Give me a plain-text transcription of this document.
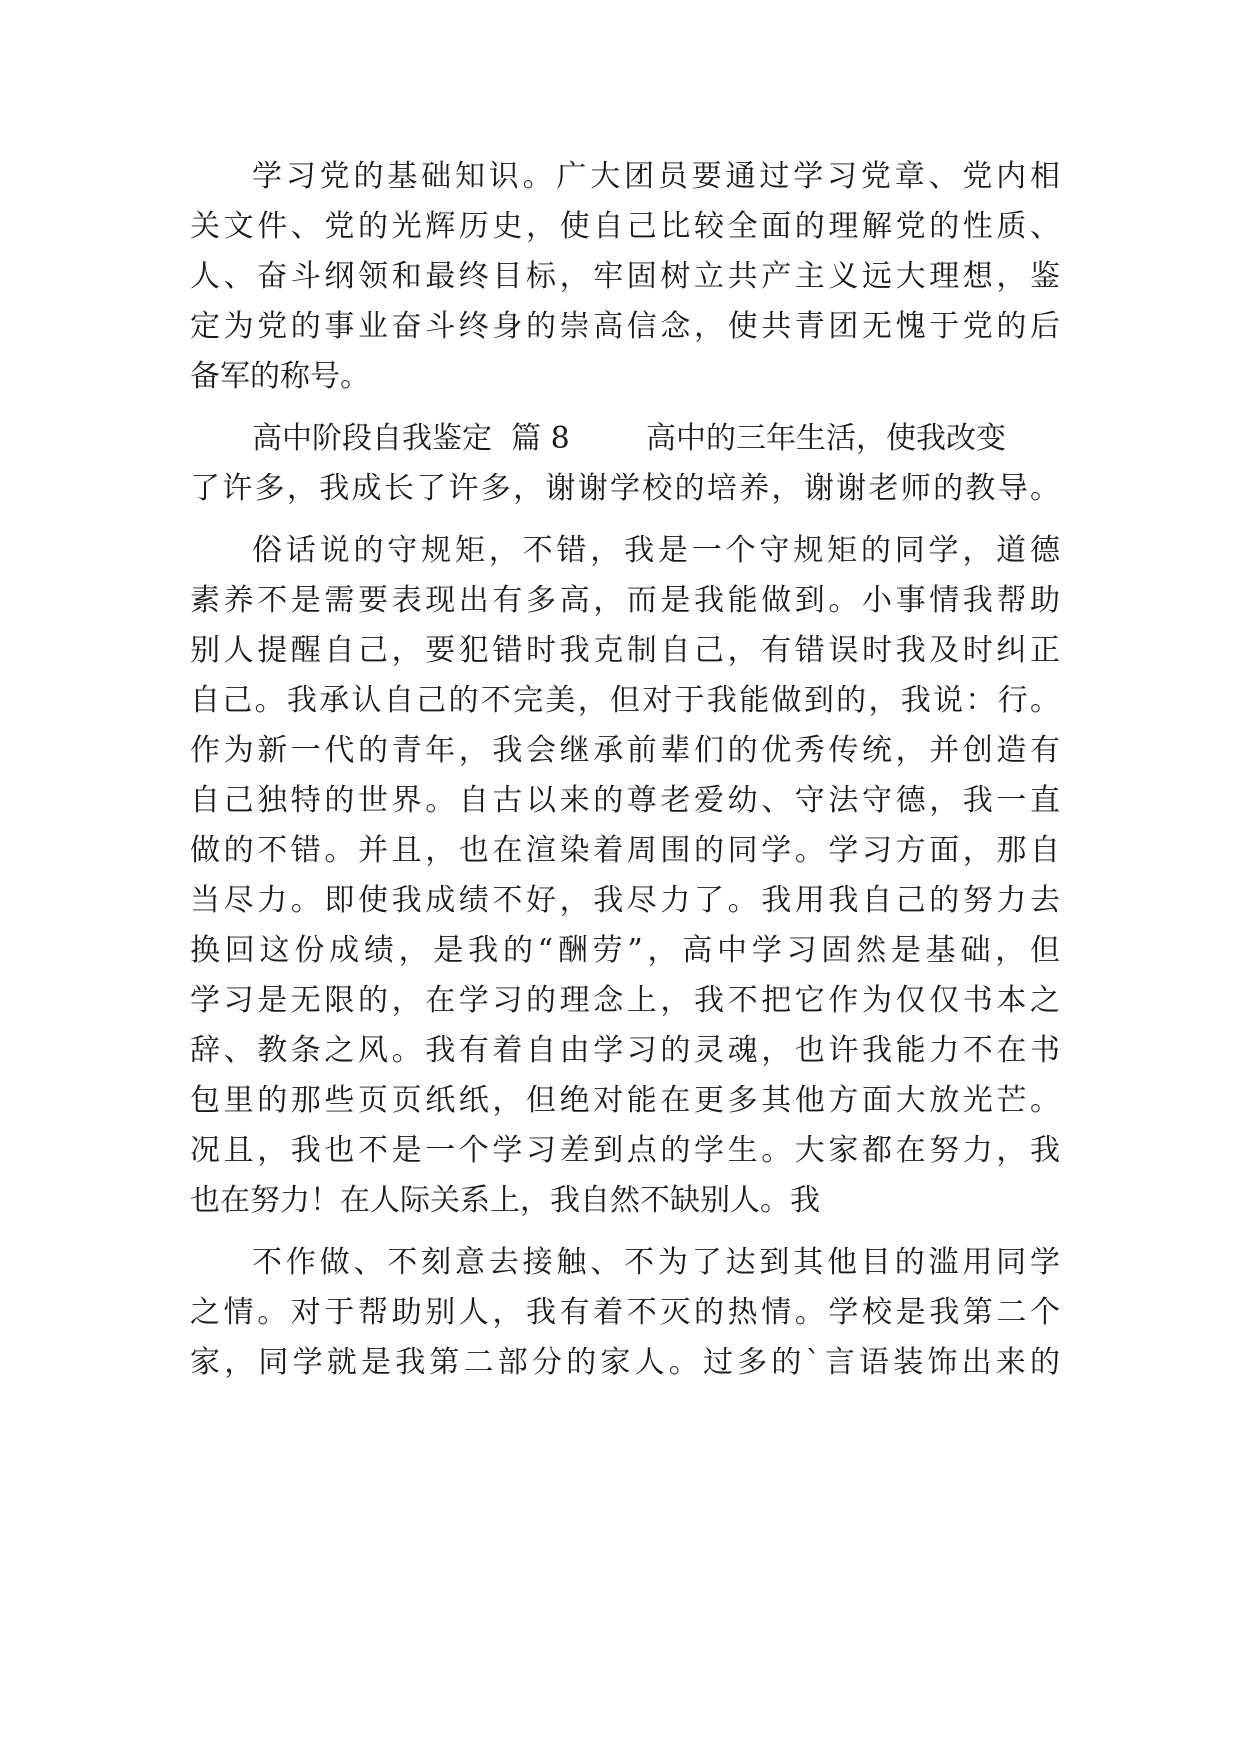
学习党的基础知识。广大团员要通过学习党章、党内相
关文件、党的光辉历史，使自己比较全面的理解党的性质、
人、奋斗纲领和最终目标，牢固树立共产主义远大理想，鉴
定为党的事业奋斗终身的崇高信念，使共青团无愧于党的后
备军的称号。
高中阶段自我鉴定  篇 8        高中的三年生活，使我改变
了许多，我成长了许多，谢谢学校的培养，谢谢老师的教导。
俗话说的守规矩，不错，我是一个守规矩的同学，道德
素养不是需要表现出有多高，而是我能做到。小事情我帮助
别人提醒自己，要犯错时我克制自己，有错误时我及时纠正
自己。我承认自己的不完美，但对于我能做到的，我说：行。
作为新一代的青年，我会继承前辈们的优秀传统，并创造有
自己独特的世界。自古以来的尊老爱幼、守法守德，我一直
做的不错。并且，也在渲染着周围的同学。学习方面，那自
当尽力。即使我成绩不好，我尽力了。我用我自己的努力去
换回这份成绩，是我的“酬劳”，高中学习固然是基础，但
学习是无限的，在学习的理念上，我不把它作为仅仅书本之
辞、教条之风。我有着自由学习的灵魂，也许我能力不在书
包里的那些页页纸纸，但绝对能在更多其他方面大放光芒。
况且，我也不是一个学习差到点的学生。大家都在努力，我
也在努力！在人际关系上，我自然不缺别人。我
不作做、不刻意去接触、不为了达到其他目的滥用同学
之情。对于帮助别人，我有着不灭的热情。学校是我第二个
家，同学就是我第二部分的家人。过多的`言语装饰出来的
